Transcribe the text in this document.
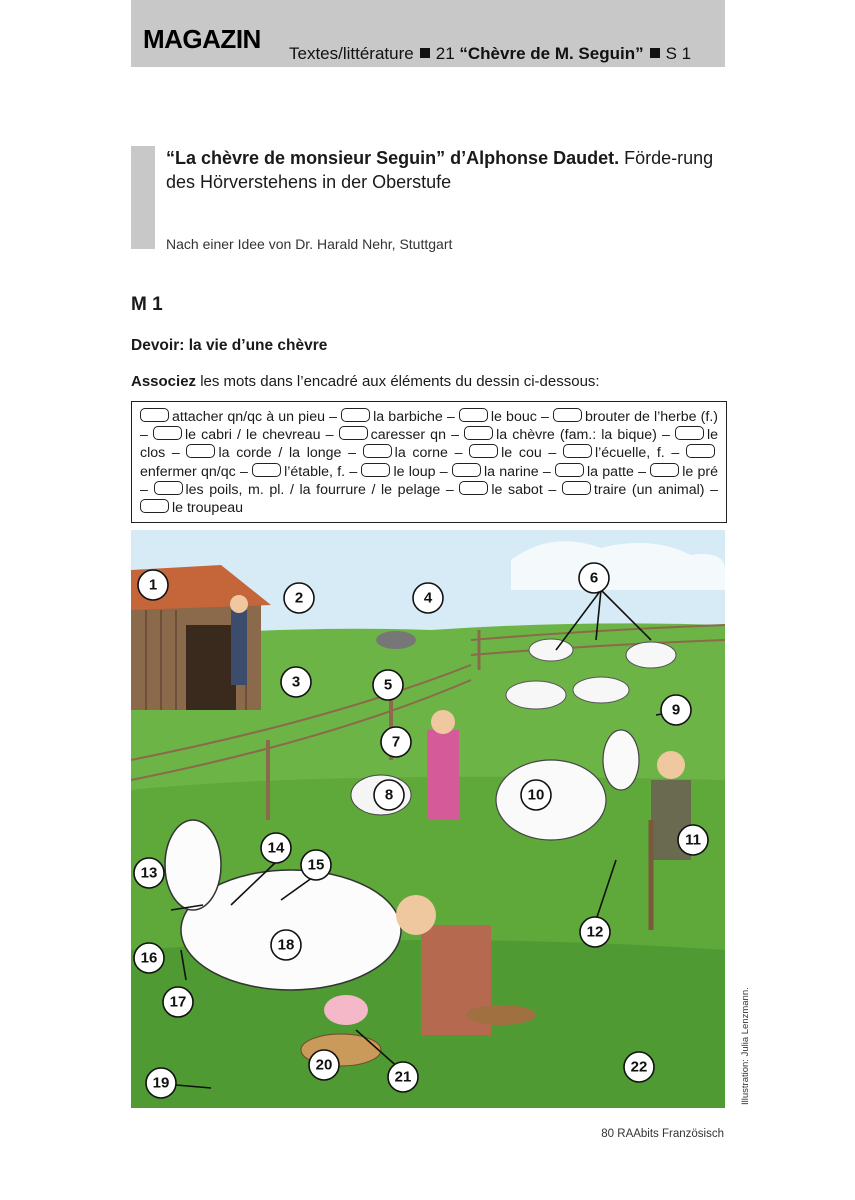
MAGAZIN Textes/littérature 21 “Chèvre de M. Seguin” S 1
“La chèvre de monsieur Seguin” d’Alphonse Daudet. Förde-rung des Hörverstehens in der Oberstufe
Nach einer Idee von Dr. Harald Nehr, Stuttgart
M 1
Devoir: la vie d’une chèvre
Associez les mots dans l’encadré aux éléments du dessin ci-dessous:
attacher qn/qc à un pieu – la barbiche – le bouc – brouter de l’herbe (f.) – le cabri / le chevreau – caresser qn – la chèvre (fam.: la bique) – le clos – la corde / la longe – la corne – le cou – l’écuelle, f. – enfermer qn/qc – l’étable, f. – le loup – la narine – la patte – le pré – les poils, m. pl. / la fourrure / le pelage – le sabot – traire (un animal) – le troupeau
1
2
3
4
5
6
7
8
9
10
11
12
13
14
15
16
17
18
19
20
21
22	Illustration: Julia Lenzmann.
80 RAAbits Französisch
